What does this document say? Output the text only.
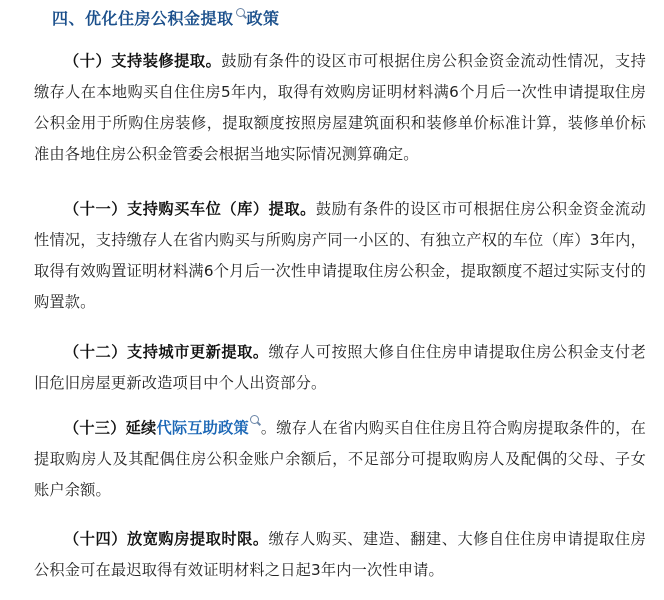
四、优化住房公积金提取 政策

（十）支持装修提取。鼓励有条件的设区市可根据住房公积金资金流动性情况，支持缴存人在本地购买自住住房5年内，取得有效购房证明材料满6个月后一次性申请提取住房公积金用于所购住房装修，提取额度按照房屋建筑面积和装修单价标准计算，装修单价标准由各地住房公积金管委会根据当地实际情况测算确定。

（十一）支持购买车位（库）提取。鼓励有条件的设区市可根据住房公积金资金流动性情况，支持缴存人在省内购买与所购房产同一小区的、有独立产权的车位（库）3年内，取得有效购置证明材料满6个月后一次性申请提取住房公积金，提取额度不超过实际支付的购置款。

（十二）支持城市更新提取。缴存人可按照大修自住住房申请提取住房公积金支付老旧危旧房屋更新改造项目中个人出资部分。

（十三）延续代际互助政策 。缴存人在省内购买自住住房且符合购房提取条件的，在提取购房人及其配偶住房公积金账户余额后，不足部分可提取购房人及配偶的父母、子女账户余额。

（十四）放宽购房提取时限。缴存人购买、建造、翻建、大修自住住房申请提取住房公积金可在最迟取得有效证明材料之日起3年内一次性申请。
